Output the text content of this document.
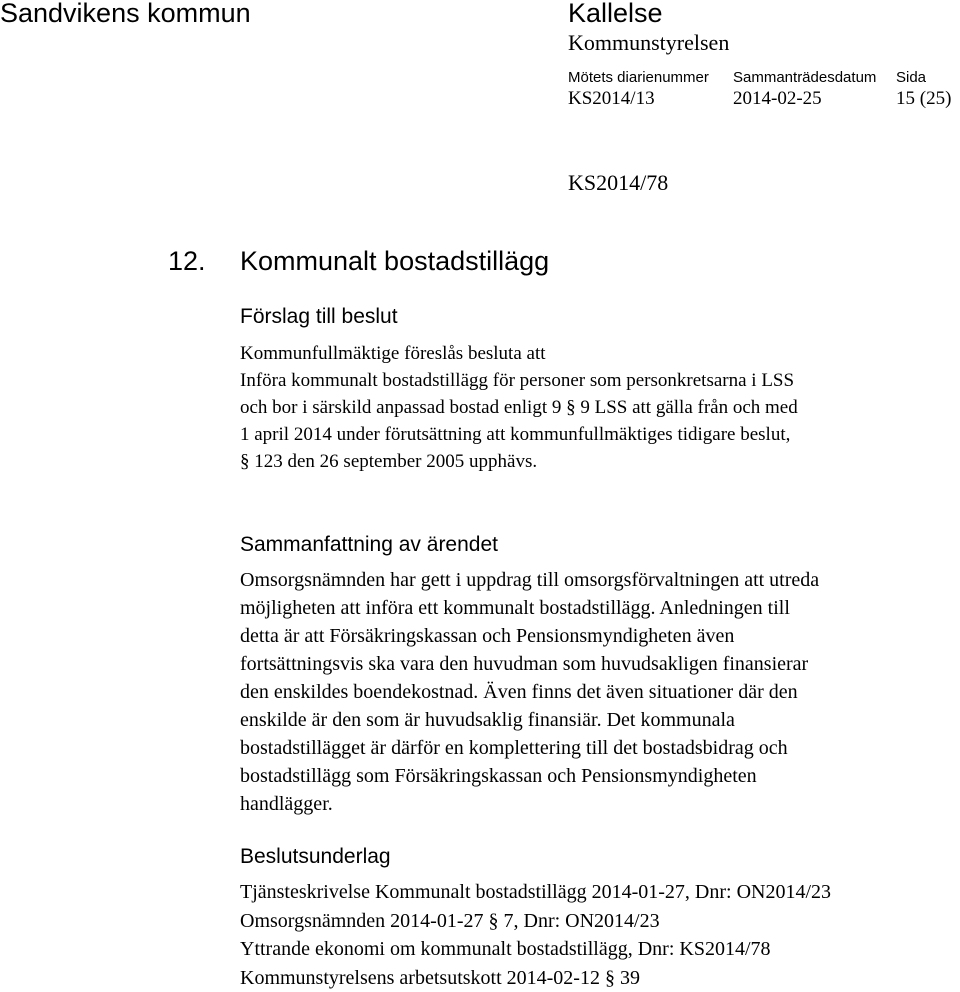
Sandvikens kommun	Kallelse
Kommunstyrelsen
Mötets diarienummer Sammanträdesdatum Sida
KS2014/13	2014-02-25	15 (25)
KS2014/78
12. Kommunalt bostadstillägg
Förslag till beslut
Kommunfullmäktige föreslås besluta att
Införa kommunalt bostadstillägg för personer som personkretsarna i LSS
och bor i särskild anpassad bostad enligt 9 § 9 LSS att gälla från och med
1 april 2014 under förutsättning att kommunfullmäktiges tidigare beslut,
§ 123 den 26 september 2005 upphävs.
Sammanfattning av ärendet
Omsorgsnämnden har gett i uppdrag till omsorgsförvaltningen att utreda
möjligheten att införa ett kommunalt bostadstillägg. Anledningen till
detta är att Försäkringskassan och Pensionsmyndigheten även
fortsättningsvis ska vara den huvudman som huvudsakligen finansierar
den enskildes boendekostnad. Även finns det även situationer där den
enskilde är den som är huvudsaklig finansiär. Det kommunala
bostadstillägget är därför en komplettering till det bostadsbidrag och
bostadstillägg som Försäkringskassan och Pensionsmyndigheten
handlägger.
Beslutsunderlag
Tjänsteskrivelse Kommunalt bostadstillägg 2014-01-27, Dnr: ON2014/23
Omsorgsnämnden 2014-01-27 § 7, Dnr: ON2014/23
Yttrande ekonomi om kommunalt bostadstillägg, Dnr: KS2014/78
Kommunstyrelsens arbetsutskott 2014-02-12 § 39
